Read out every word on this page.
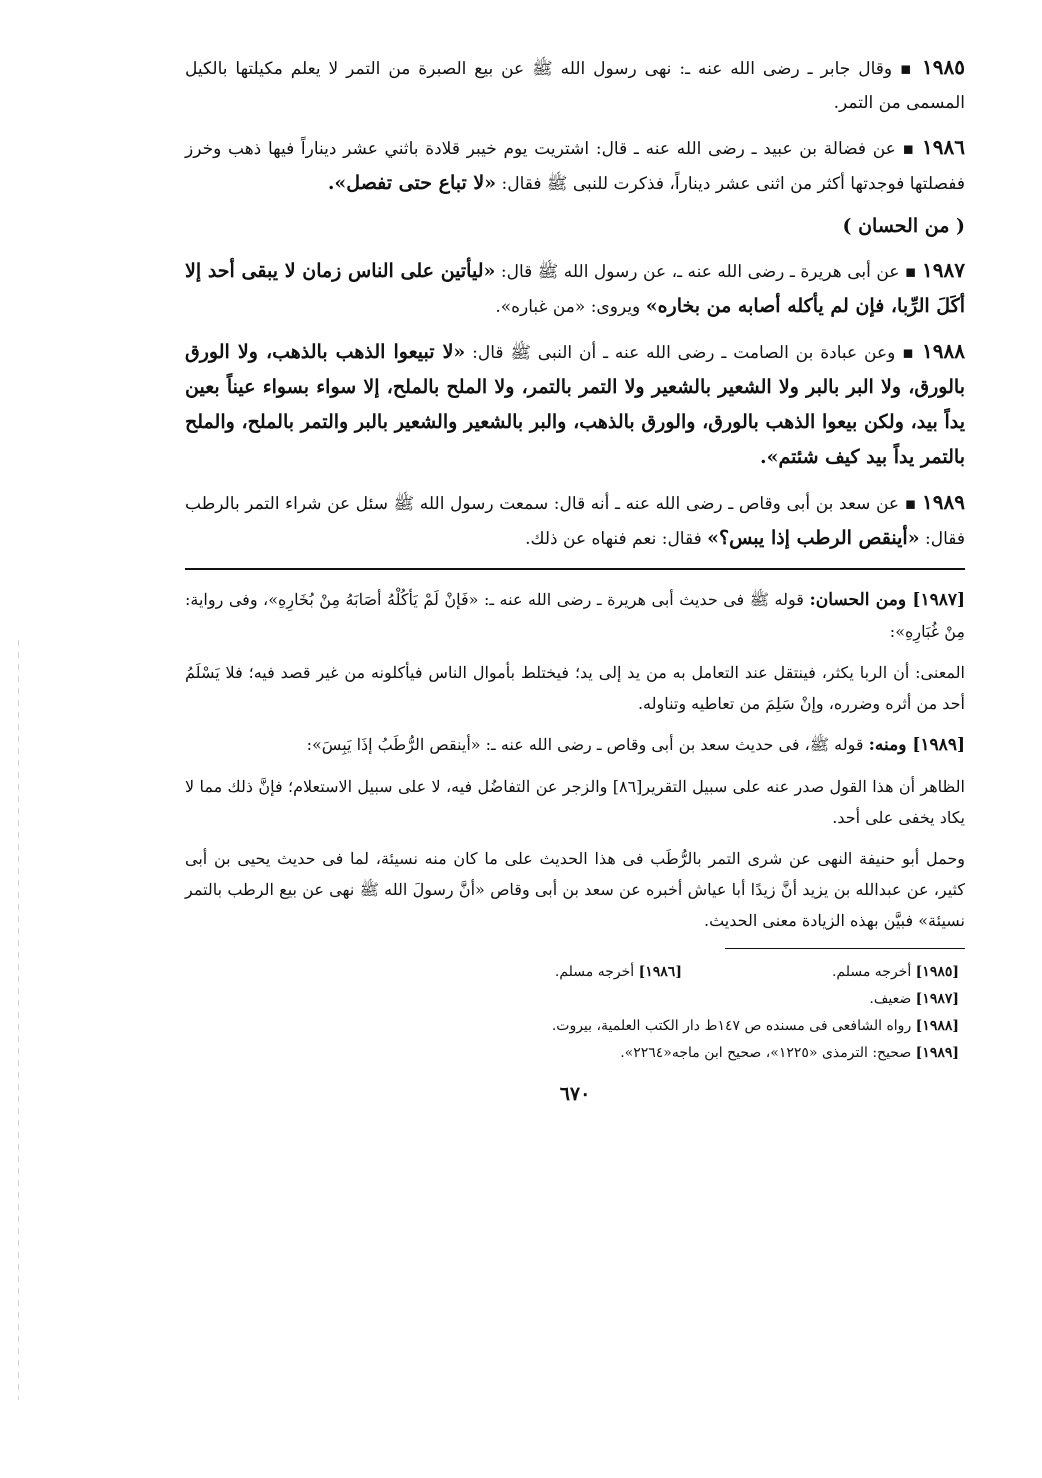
١٩٨٥ ▪ وقال جابر ـ رضى الله عنه ـ: نهى رسول الله ﷺ عن بيع الصبرة من التمر لا يعلم مكيلتها بالكيل المسمى من التمر.

١٩٨٦ ▪ عن فضالة بن عبيد ـ رضى الله عنه ـ قال: اشتريت يوم خيبر قلادة باثني عشر ديناراً فيها ذهب وخرز ففصلتها فوجدتها أكثر من اثنى عشر ديناراً، فذكرت للنبى ﷺ فقال: «لا تباع حتى تفصل».

( من الحسان )

١٩٨٧ ▪ عن أبى هريرة ـ رضى الله عنه ـ، عن رسول الله ﷺ قال: «ليأتين على الناس زمان لا يبقى أحد إلا أكَلَ الرِّبا، فإن لم يأكله أصابه من بخاره» ويروى: «من غباره».

١٩٨٨ ▪ وعن عبادة بن الصامت ـ رضى الله عنه ـ أن النبى ﷺ قال: «لا تبيعوا الذهب بالذهب، ولا الورق بالورق، ولا البر بالبر ولا الشعير بالشعير ولا التمر بالتمر، ولا الملح بالملح، إلا سواء بسواء عيناً بعين يداً بيد، ولكن بيعوا الذهب بالورق، والورق بالذهب، والبر بالشعير والشعير بالبر والتمر بالملح، والملح بالتمر يداً بيد كيف شئتم».

١٩٨٩ ▪ عن سعد بن أبى وقاص ـ رضى الله عنه ـ أنه قال: سمعت رسول الله ﷺ سئل عن شراء التمر بالرطب فقال: «أينقص الرطب إذا يبس؟» فقال: نعم فنهاه عن ذلك.

[١٩٨٧] ومن الحسان: قوله ﷺ فى حديث أبى هريرة ـ رضى الله عنه ـ: «فَإنْ لَمْ يَأكُلْهُ أصَابَهُ مِنْ بُخَارِهِ»، وفى رواية: مِنْ غُبَارِهِ»:

المعنى: أن الربا يكثر، فينتقل عند التعامل به من يد إلى يد؛ فيختلط بأموال الناس فيأكلونه من غير قصد فيه؛ فلا يَسْلَمُ أحد من أثره وضرره، وإنْ سَلِمَ من تعاطيه وتناوله.

[١٩٨٩] ومنه: قوله ﷺ، فى حديث سعد بن أبى وقاص ـ رضى الله عنه ـ: «أينقص الرُّطَبُ إذَا يَبِسَ»:

الظاهر أن هذا القول صدر عنه على سبيل التقرير[٨٦] والزجر عن التفاضُل فيه، لا على سبيل الاستعلام؛ فإنَّ ذلك مما لا يكاد يخفى على أحد.

وحمل أبو حنيفة النهى عن شرى التمر بالرُّطَب فى هذا الحديث على ما كان منه نسيئة، لما فى حديث يحيى بن أبى كثير، عن عبدالله بن يزيد أنَّ زيدًا أبا عياش أخبره عن سعد بن أبى وقاص «أنَّ رسولَ الله ﷺ نهى عن بيع الرطب بالتمر نسيئة» فبيَّن بهذه الزيادة معنى الحديث.

[١٩٨٥] أخرجه مسلم.
[١٩٨٦] أخرجه مسلم.
[١٩٨٧] ضعيف.
[١٩٨٨] رواه الشافعى فى مسنده ص ١٤٧ط دار الكتب العلمية، بيروت.
[١٩٨٩] صحيح: الترمذى «١٢٢٥»، صحيح ابن ماجه«٢٢٦٤».
٦٧٠
